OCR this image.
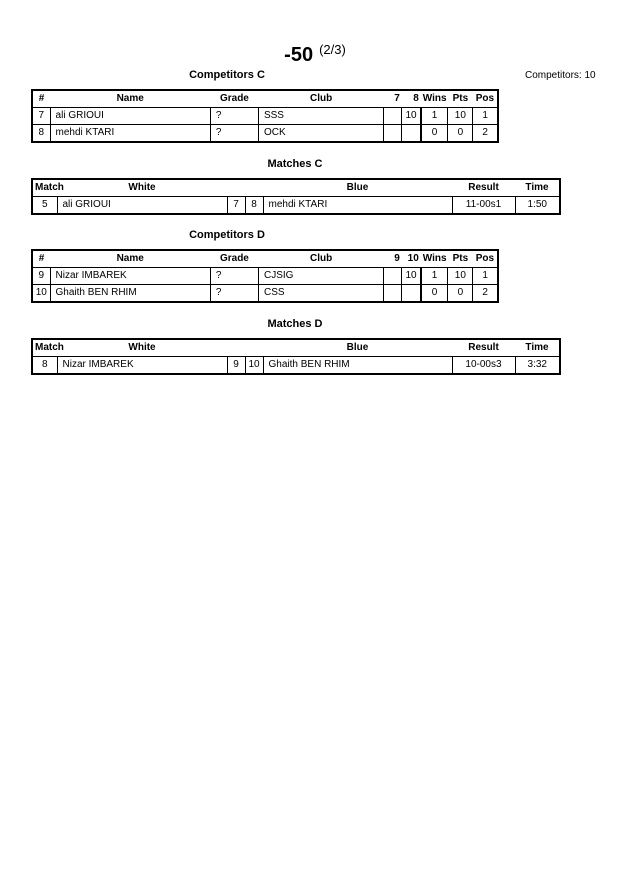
-50 $^{(2/3)}$
Competitors: 10
Competitors C
#	Name	Grade	Club	7	8	Wins	Pts	Pos
7	ali GRIOUI	?	SSS		10	1	10	1
8	mehdi KTARI	?	OCK			0	0	2
Matches C
Match	White			Blue	Result	Time
5	ali GRIOUI	7	8	mehdi KTARI	11-00s1	1:50
Competitors D
#	Name	Grade	Club	9	10	Wins	Pts	Pos
9	Nizar IMBAREK	?	CJSIG		10	1	10	1
10	Ghaith BEN RHIM	?	CSS			0	0	2
Matches D
Match	White			Blue	Result	Time
8	Nizar IMBAREK	9	10	Ghaith BEN RHIM	10-00s3	3:32
